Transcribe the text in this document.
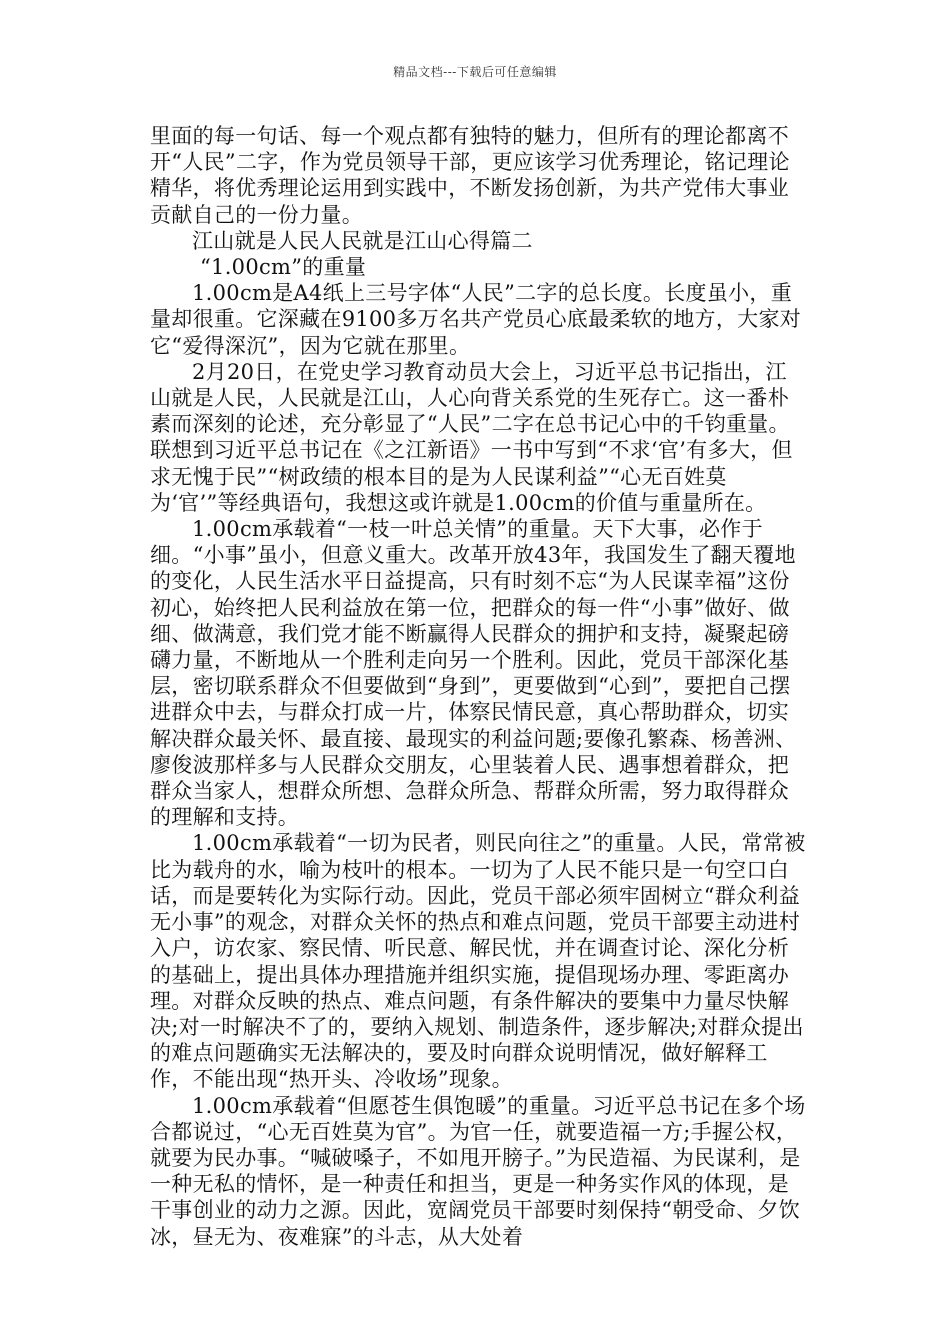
精品文档---下载后可任意编辑

里面的每一句话、每一个观点都有独特的魅力，但所有的理论都离不开“人民”二字，作为党员领导干部，更应该学习优秀理论，铭记理论精华，将优秀理论运用到实践中，不断发扬创新，为共产党伟大事业贡献自己的一份力量。

江山就是人民人民就是江山心得篇二

“1.00cm”的重量

1.00cm是A4纸上三号字体“人民”二字的总长度。长度虽小，重量却很重。它深藏在9100多万名共产党员心底最柔软的地方，大家对它“爱得深沉”，因为它就在那里。

2月20日，在党史学习教育动员大会上，习近平总书记指出，江山就是人民，人民就是江山，人心向背关系党的生死存亡。这一番朴素而深刻的论述，充分彰显了“人民”二字在总书记心中的千钧重量。联想到习近平总书记在《之江新语》一书中写到“不求‘官’有多大，但求无愧于民”“树政绩的根本目的是为人民谋利益”“心无百姓莫为‘官’”等经典语句，我想这或许就是1.00cm的价值与重量所在。

1.00cm承载着“一枝一叶总关情”的重量。天下大事，必作于细。“小事”虽小，但意义重大。改革开放43年，我国发生了翻天覆地的变化，人民生活水平日益提高，只有时刻不忘“为人民谋幸福”这份初心，始终把人民利益放在第一位，把群众的每一件“小事”做好、做细、做满意，我们党才能不断赢得人民群众的拥护和支持，凝聚起磅礴力量，不断地从一个胜利走向另一个胜利。因此，党员干部深化基层，密切联系群众不但要做到“身到”，更要做到“心到”，要把自己摆进群众中去，与群众打成一片，体察民情民意，真心帮助群众，切实解决群众最关怀、最直接、最现实的利益问题;要像孔繁森、杨善洲、廖俊波那样多与人民群众交朋友，心里装着人民、遇事想着群众，把群众当家人，想群众所想、急群众所急、帮群众所需，努力取得群众的理解和支持。

1.00cm承载着“一切为民者，则民向往之”的重量。人民，常常被比为载舟的水，喻为枝叶的根本。一切为了人民不能只是一句空口白话，而是要转化为实际行动。因此，党员干部必须牢固树立“群众利益无小事”的观念，对群众关怀的热点和难点问题，党员干部要主动进村入户，访农家、察民情、听民意、解民忧，并在调查讨论、深化分析的基础上，提出具体办理措施并组织实施，提倡现场办理、零距离办理。对群众反映的热点、难点问题，有条件解决的要集中力量尽快解决;对一时解决不了的，要纳入规划、制造条件，逐步解决;对群众提出的难点问题确实无法解决的，要及时向群众说明情况，做好解释工作，不能出现“热开头、冷收场”现象。

1.00cm承载着“但愿苍生俱饱暖”的重量。习近平总书记在多个场合都说过，“心无百姓莫为官”。为官一任，就要造福一方;手握公权，就要为民办事。“喊破嗓子，不如甩开膀子。”为民造福、为民谋利，是一种无私的情怀，是一种责任和担当，更是一种务实作风的体现，是干事创业的动力之源。因此，宽阔党员干部要时刻保持“朝受命、夕饮冰，昼无为、夜难寐”的斗志，从大处着
